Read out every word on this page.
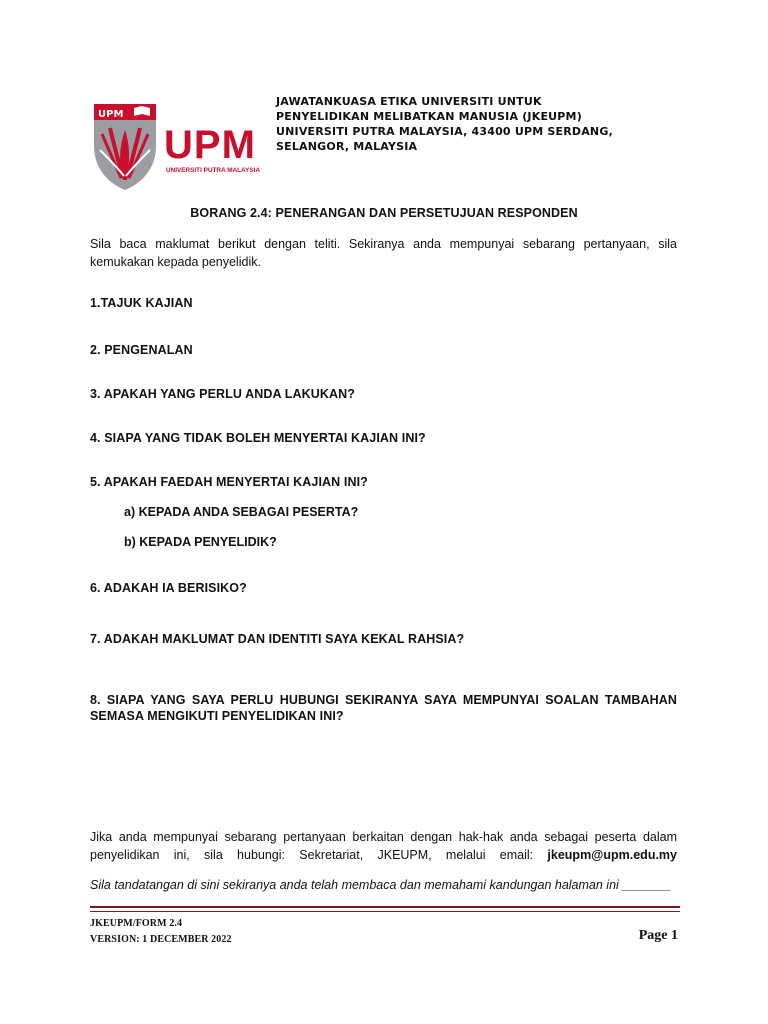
UPM
UPM
UNIVERSITI PUTRA MALAYSIA
JAWATANKUASA ETIKA UNIVERSITI UNTUK
PENYELIDIKAN MELIBATKAN MANUSIA (JKEUPM)
UNIVERSITI PUTRA MALAYSIA, 43400 UPM SERDANG,
SELANGOR, MALAYSIA
BORANG 2.4: PENERANGAN DAN PERSETUJUAN RESPONDEN
Sila baca maklumat berikut dengan teliti. Sekiranya anda mempunyai sebarang pertanyaan, sila kemukakan kepada penyelidik.
1.TAJUK KAJIAN
2. PENGENALAN
3. APAKAH YANG PERLU ANDA LAKUKAN?
4. SIAPA YANG TIDAK BOLEH MENYERTAI KAJIAN INI?
5. APAKAH FAEDAH MENYERTAI KAJIAN INI?
a) KEPADA ANDA SEBAGAI PESERTA?
b) KEPADA PENYELIDIK?
6. ADAKAH IA BERISIKO?
7. ADAKAH MAKLUMAT DAN IDENTITI SAYA KEKAL RAHSIA?
8. SIAPA YANG SAYA PERLU HUBUNGI SEKIRANYA SAYA MEMPUNYAI SOALAN TAMBAHAN SEMASA MENGIKUTI PENYELIDIKAN INI?
Jika anda mempunyai sebarang pertanyaan berkaitan dengan hak-hak anda sebagai peserta dalam penyelidikan ini, sila hubungi: Sekretariat, JKEUPM, melalui email: jkeupm@upm.edu.my
Sila tandatangan di sini sekiranya anda telah membaca dan memahami kandungan halaman ini _______
JKEUPM/FORM 2.4
VERSION: 1 DECEMBER 2022	Page 1
